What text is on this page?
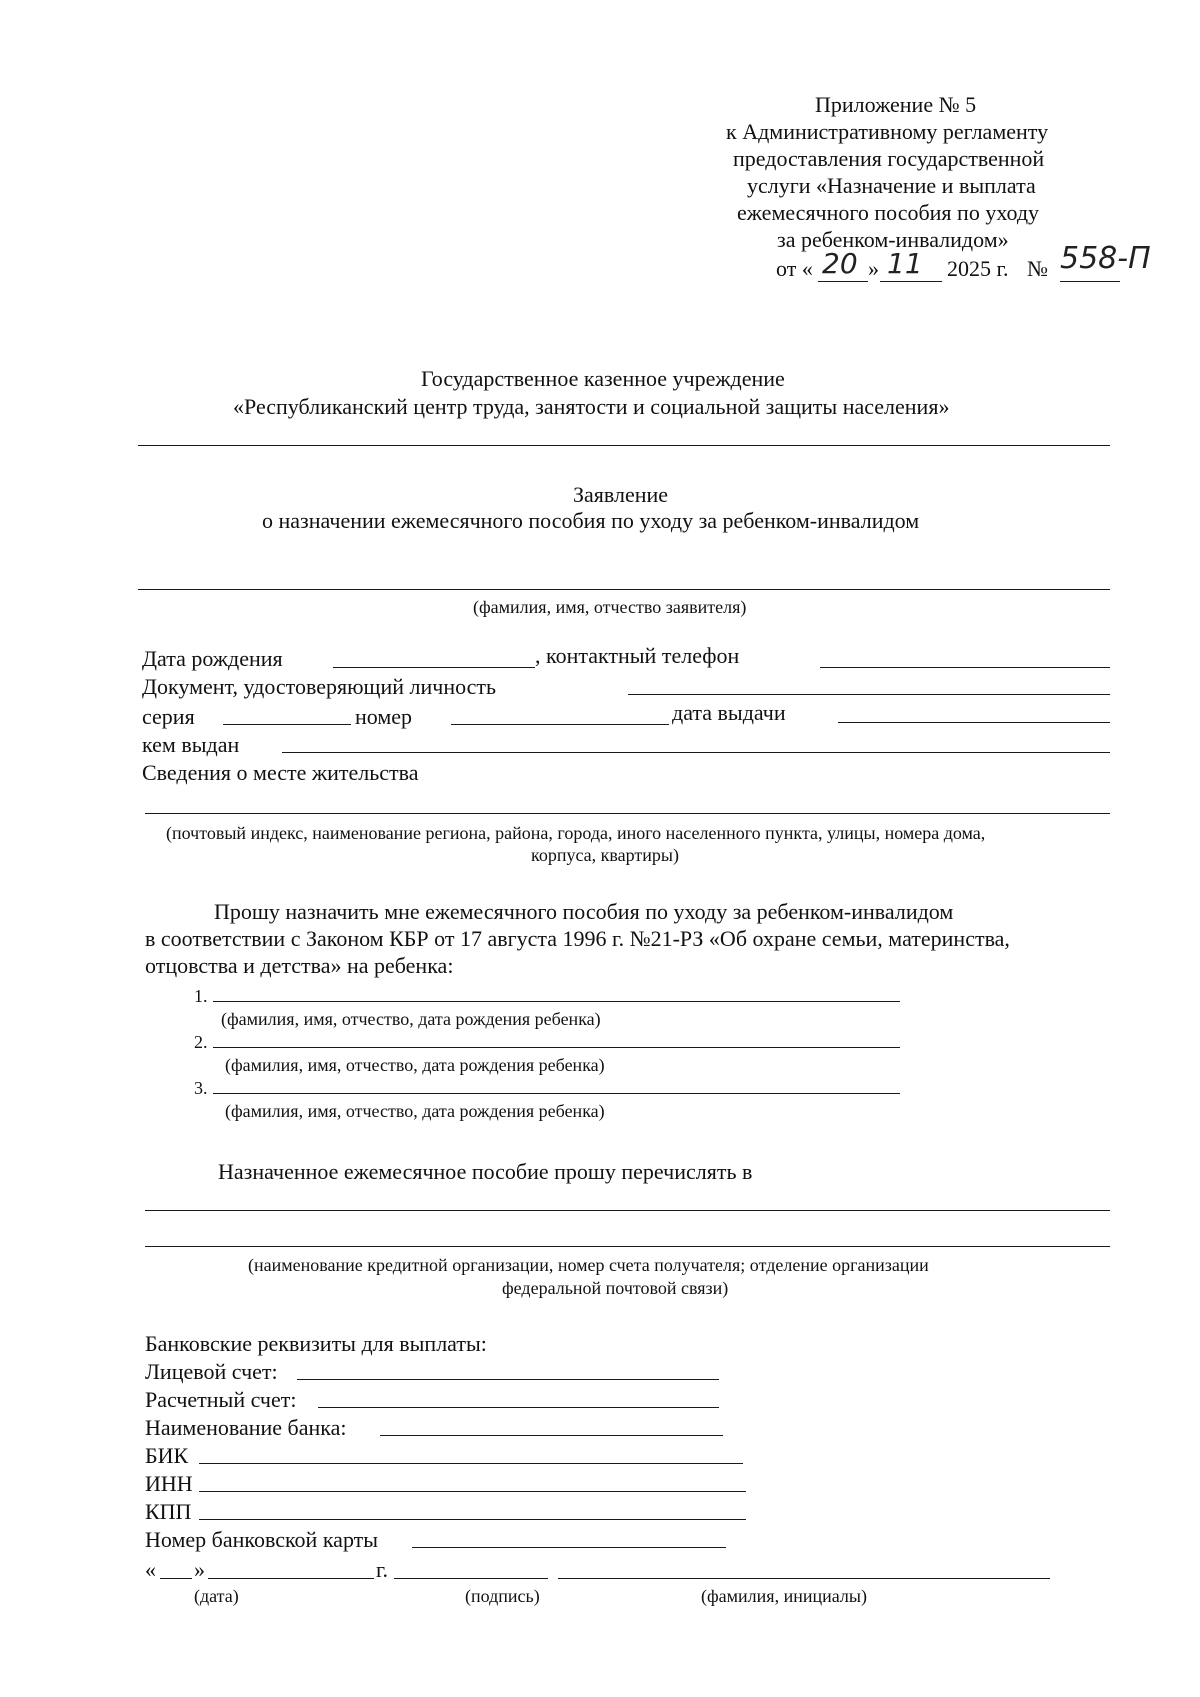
Приложение № 5
к Административному регламенту
предоставления государственной
услуги «Назначение и выплата
ежемесячного пособия по уходу
за ребенком-инвалидом»
от « 20 » 11 2025 г. № 558-П
Государственное казенное учреждение
«Республиканский центр труда, занятости и социальной защиты населения»
Заявление
о назначении ежемесячного пособия по уходу за ребенком-инвалидом
(фамилия, имя, отчество заявителя)
Дата рождения	, контактный телефон
Документ, удостоверяющий личность
серия	номер	дата выдачи
кем выдан
Сведения о месте жительства
(почтовый индекс, наименование региона, района, города, иного населенного пункта, улицы, номера дома,
корпуса, квартиры)
Прошу назначить мне ежемесячного пособия по уходу за ребенком-инвалидом
в соответствии с Законом КБР от 17 августа 1996 г. №21-РЗ «Об охране семьи, материнства,
отцовства и детства» на ребенка:
1.
(фамилия, имя, отчество, дата рождения ребенка)
2.
(фамилия, имя, отчество, дата рождения ребенка)
3.
(фамилия, имя, отчество, дата рождения ребенка)
Назначенное ежемесячное пособие прошу перечислять в
(наименование кредитной организации, номер счета получателя; отделение организации
федеральной почтовой связи)
Банковские реквизиты для выплаты:
Лицевой счет:
Расчетный счет:
Наименование банка:
БИК
ИНН
КПП
Номер банковской карты
« »	г.
(дата)	(подпись)	(фамилия, инициалы)
